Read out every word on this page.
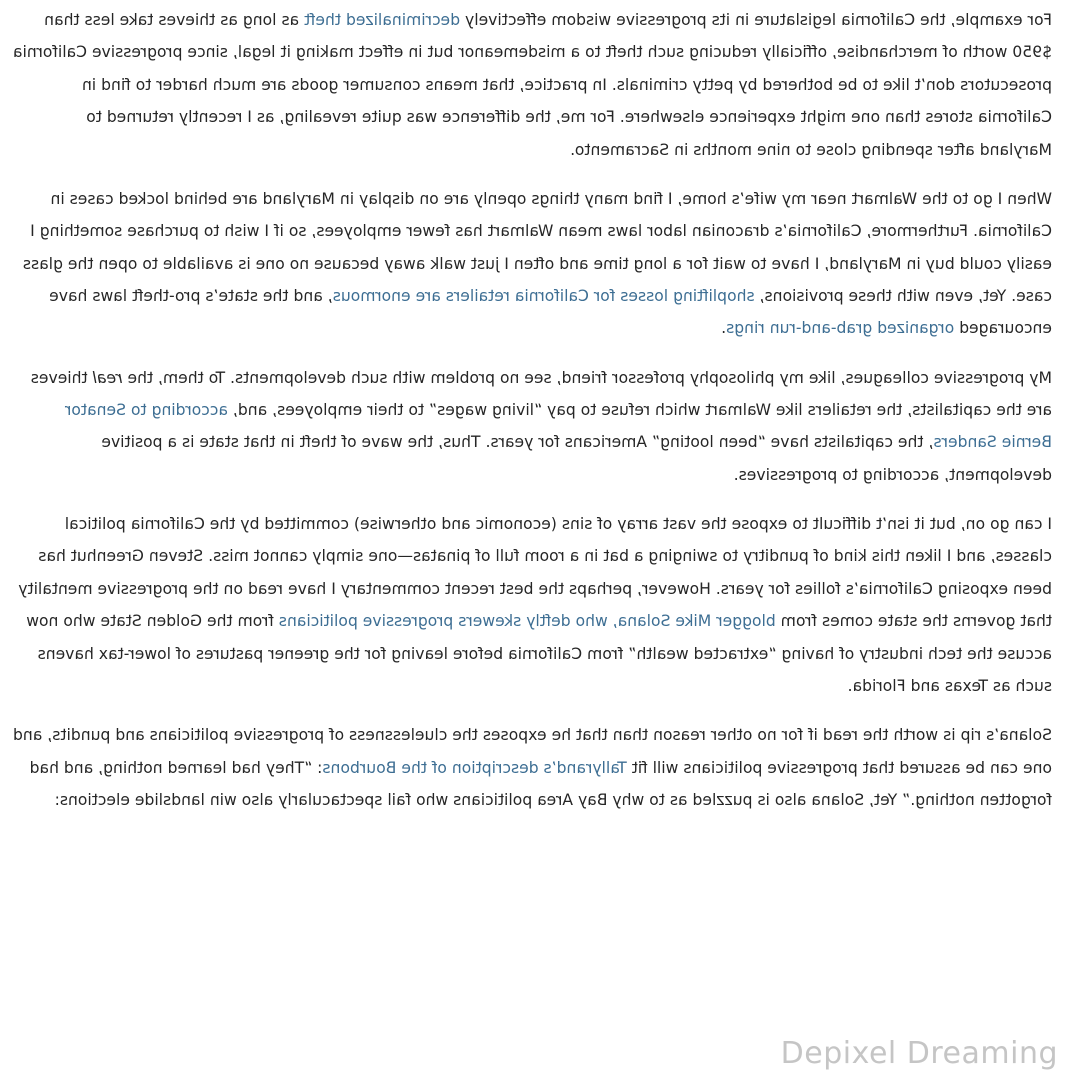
For example, the California legislature in its progressive wisdom effectively decriminalized theft as long as thieves take less than $950 worth of merchandise, officially reducing such theft to a misdemeanor but in effect making it legal, since progressive California prosecutors don’t like to be bothered by petty criminals. In practice, that means consumer goods are much harder to find in California stores than one might experience elsewhere. For me, the difference was quite revealing, as I recently returned to Maryland after spending close to nine months in Sacramento.

When I go to the Walmart near my wife’s home, I find many things openly are on display in Maryland are behind locked cases in California. Furthermore, California’s draconian labor laws mean Walmart has fewer employees, so if I wish to purchase something I easily could buy in Maryland, I have to wait for a long time and often I just walk away because no one is available to open the glass case. Yet, even with these provisions, shoplifting losses for California retailers are enormous, and the state’s pro-theft laws have encouraged organized grab-and-run rings.

My progressive colleagues, like my philosophy professor friend, see no problem with such developments. To them, the real thieves are the capitalists, the retailers like Walmart which refuse to pay “living wages” to their employees, and, according to Senator Bernie Sanders, the capitalists have “been looting” Americans for years. Thus, the wave of theft in that state is a positive development, according to progressives.

I can go on, but it isn’t difficult to expose the vast array of sins (economic and otherwise) committed by the California political classes, and I liken this kind of punditry to swinging a bat in a room full of pinatas—one simply cannot miss. Steven Greenhut has been exposing California’s follies for years. However, perhaps the best recent commentary I have read on the progressive mentality that governs the state comes from blogger Mike Solana, who deftly skewers progressive politicians from the Golden State who now accuse the tech industry of having “extracted wealth” from California before leaving for the greener pastures of lower-tax havens such as Texas and Florida.

Solana’s rip is worth the read if for no other reason than that he exposes the cluelessness of progressive politicians and pundits, and one can be assured that progressive politicians will fit Tallyrand’s description of the Bourbons: “They had learned nothing, and had forgotten nothing.” Yet, Solana also is puzzled as to why Bay Area politicians who fail spectacularly also win landslide elections:

Depixel Dreaming
